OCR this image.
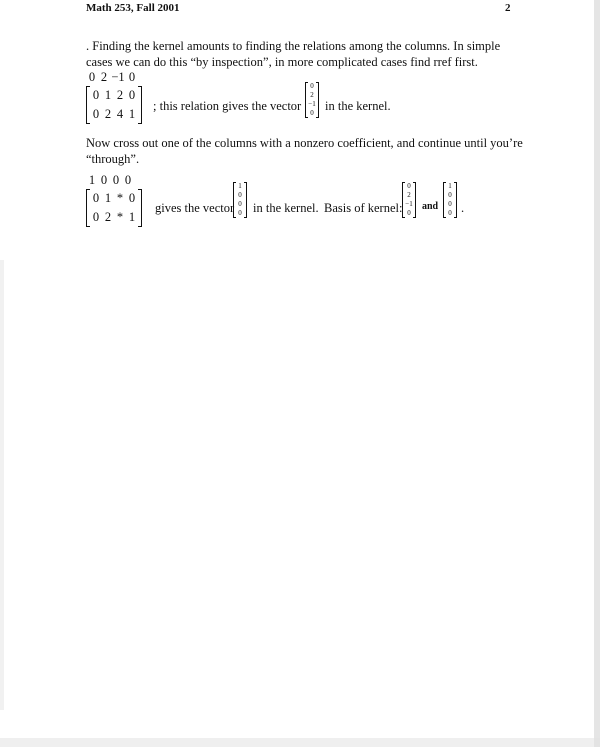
Math 253, Fall 2001	2
. Finding the kernel amounts to finding the relations among the columns. In simple cases we can do this “by inspection”, in more complicated cases find rref first.
0 2 −1 0
0 1 2 0
0 2 4 1
; this relation gives the vector
0
2
−1
0 in the kernel.
Now cross out one of the columns with a nonzero coefficient, and continue until you’re “through”.
1 0 0 0
0 1 * 0
0 2 * 1
gives the vector
1
0
0
0 in the kernel. Basis of kernel:
0
2
−1
0
and
1
0
0
0 .
